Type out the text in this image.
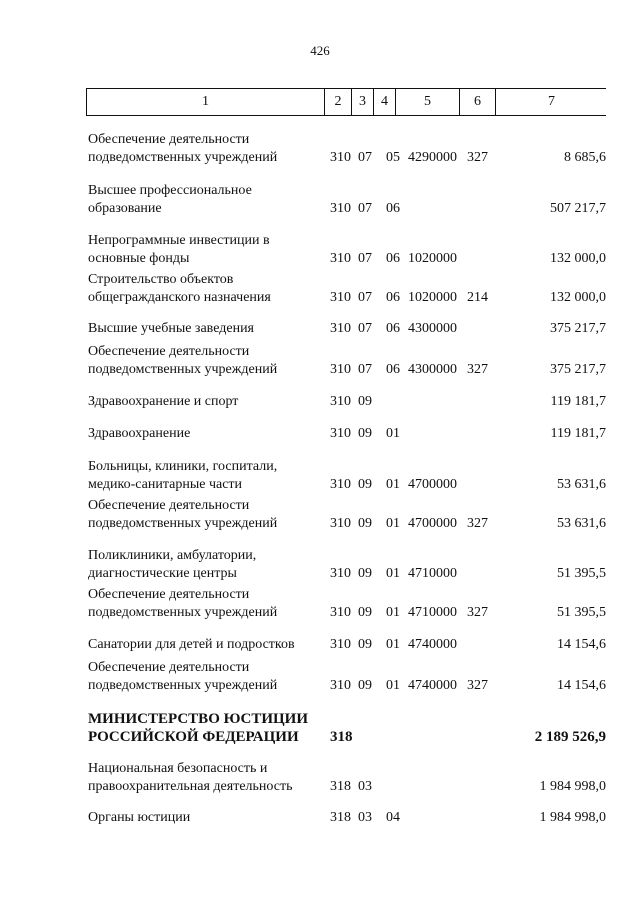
426
1	2	3	4	5	6	7
Обеспечение деятельности
подведомственных учреждений	310 07 05 4290000 327	8 685,6
Высшее профессиональное
образование	310 07 06	507 217,7
Непрограммные инвестиции в
основные фонды	310 07 06 1020000	132 000,0
Строительство объектов
общегражданского назначения	310 07 06 1020000 214	132 000,0
Высшие учебные заведения	310 07 06 4300000	375 217,7
Обеспечение деятельности
подведомственных учреждений	310 07 06 4300000 327	375 217,7
Здравоохранение и спорт	310 09	119 181,7
Здравоохранение	310 09 01	119 181,7
Больницы, клиники, госпитали,
медико-санитарные части	310 09 01 4700000	53 631,6
Обеспечение деятельности
подведомственных учреждений	310 09 01 4700000 327	53 631,6
Поликлиники, амбулатории,
диагностические центры	310 09 01 4710000	51 395,5
Обеспечение деятельности
подведомственных учреждений	310 09 01 4710000 327	51 395,5
Санатории для детей и подростков	310 09 01 4740000	14 154,6
Обеспечение деятельности
подведомственных учреждений	310 09 01 4740000 327	14 154,6
МИНИСТЕРСТВО ЮСТИЦИИ
РОССИЙСКОЙ ФЕДЕРАЦИИ	318	2 189 526,9
Национальная безопасность и
правоохранительная деятельность	318 03	1 984 998,0
Органы юстиции	318 03 04	1 984 998,0
